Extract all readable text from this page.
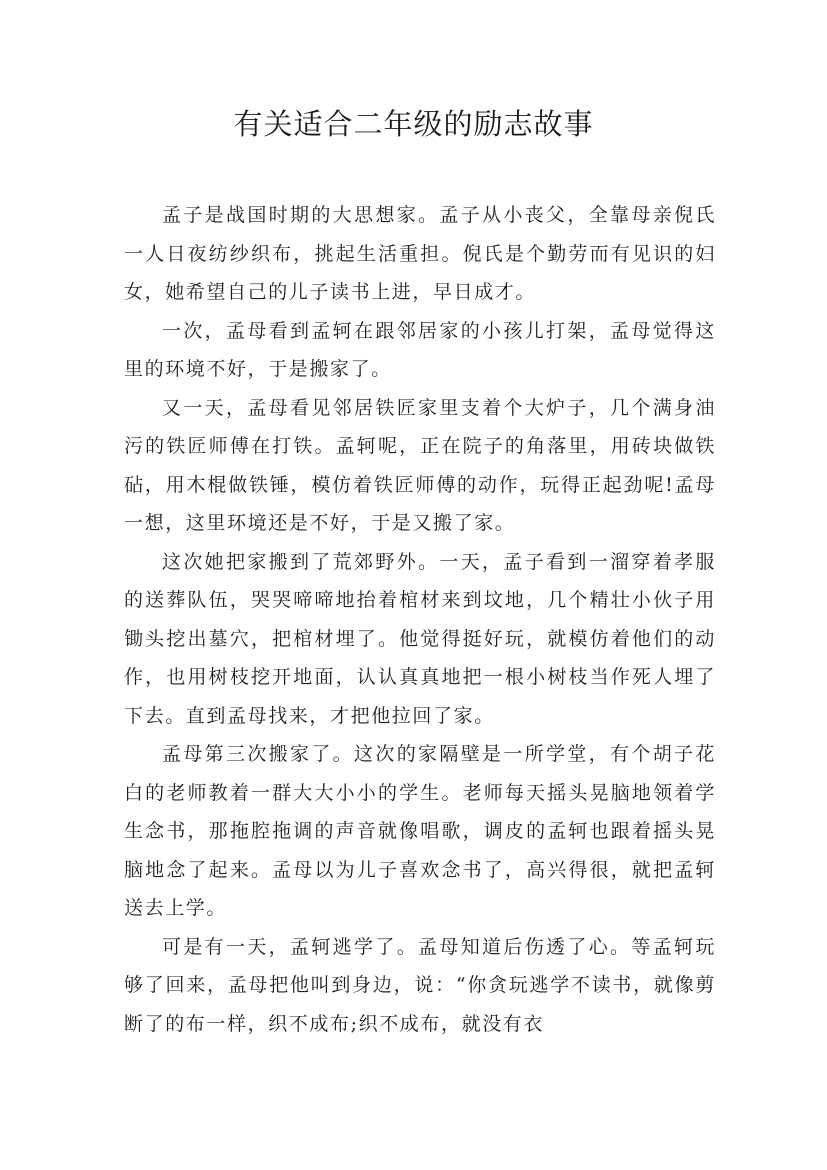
有关适合二年级的励志故事

孟子是战国时期的大思想家。孟子从小丧父，全靠母亲倪氏一人日夜纺纱织布，挑起生活重担。倪氏是个勤劳而有见识的妇女，她希望自己的儿子读书上进，早日成才。

一次，孟母看到孟轲在跟邻居家的小孩儿打架，孟母觉得这里的环境不好，于是搬家了。

又一天，孟母看见邻居铁匠家里支着个大炉子，几个满身油污的铁匠师傅在打铁。孟轲呢，正在院子的角落里，用砖块做铁砧，用木棍做铁锤，模仿着铁匠师傅的动作，玩得正起劲呢!孟母一想，这里环境还是不好，于是又搬了家。

这次她把家搬到了荒郊野外。一天，孟子看到一溜穿着孝服的送葬队伍，哭哭啼啼地抬着棺材来到坟地，几个精壮小伙子用锄头挖出墓穴，把棺材埋了。他觉得挺好玩，就模仿着他们的动作，也用树枝挖开地面，认认真真地把一根小树枝当作死人埋了下去。直到孟母找来，才把他拉回了家。

孟母第三次搬家了。这次的家隔壁是一所学堂，有个胡子花白的老师教着一群大大小小的学生。老师每天摇头晃脑地领着学生念书，那拖腔拖调的声音就像唱歌，调皮的孟轲也跟着摇头晃脑地念了起来。孟母以为儿子喜欢念书了，高兴得很，就把孟轲送去上学。

可是有一天，孟轲逃学了。孟母知道后伤透了心。等孟轲玩够了回来，孟母把他叫到身边，说：“你贪玩逃学不读书，就像剪断了的布一样，织不成布;织不成布，就没有衣
